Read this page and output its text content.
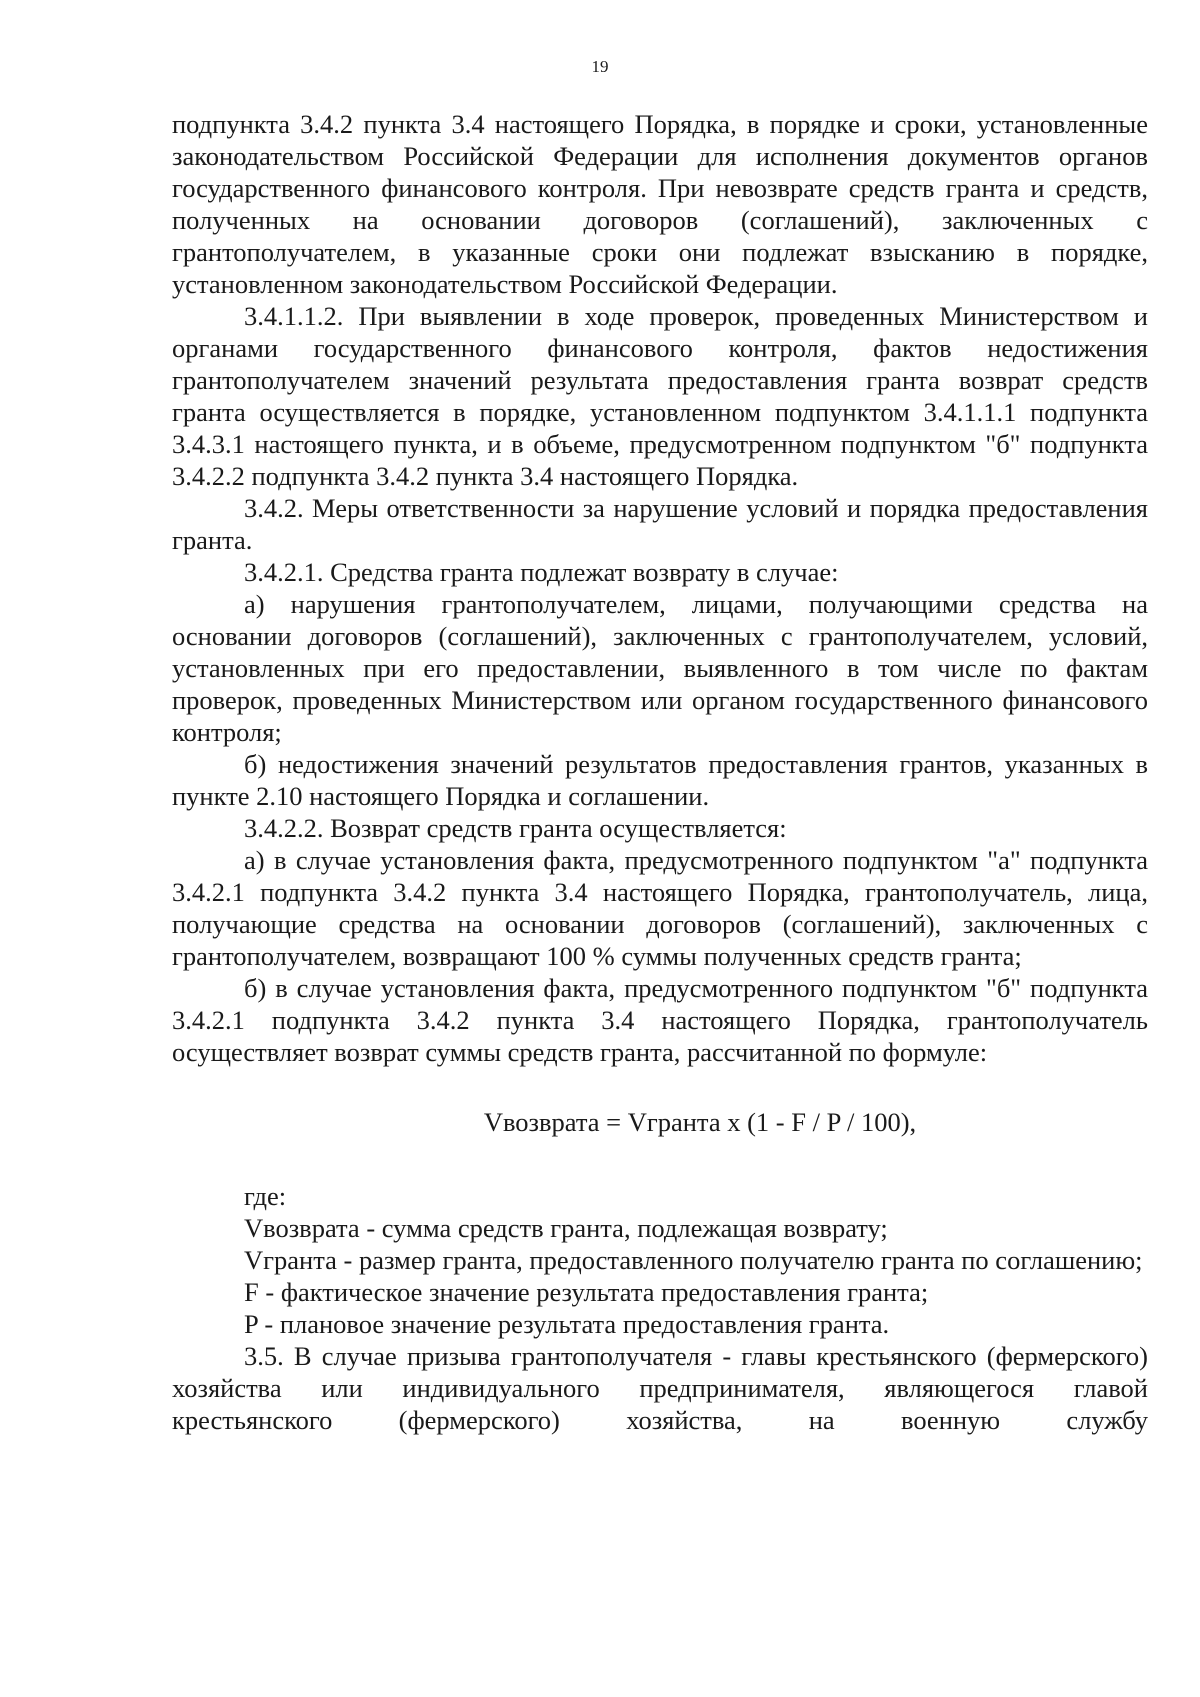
19

подпункта 3.4.2 пункта 3.4 настоящего Порядка, в порядке и сроки, установленные законодательством Российской Федерации для исполнения документов органов государственного финансового контроля. При невозврате средств гранта и средств, полученных на основании договоров (соглашений), заключенных с грантополучателем, в указанные сроки они подлежат взысканию в порядке, установленном законодательством Российской Федерации.

3.4.1.1.2. При выявлении в ходе проверок, проведенных Министерством и органами государственного финансового контроля, фактов недостижения грантополучателем значений результата предоставления гранта возврат средств гранта осуществляется в порядке, установленном подпунктом 3.4.1.1.1 подпункта 3.4.3.1 настоящего пункта, и в объеме, предусмотренном подпунктом "б" подпункта 3.4.2.2 подпункта 3.4.2 пункта 3.4 настоящего Порядка.

3.4.2. Меры ответственности за нарушение условий и порядка предоставления гранта.

3.4.2.1. Средства гранта подлежат возврату в случае:

а) нарушения грантополучателем, лицами, получающими средства на основании договоров (соглашений), заключенных с грантополучателем, условий, установленных при его предоставлении, выявленного в том числе по фактам проверок, проведенных Министерством или органом государственного финансового контроля;

б) недостижения значений результатов предоставления грантов, указанных в пункте 2.10 настоящего Порядка и соглашении.

3.4.2.2. Возврат средств гранта осуществляется:

а) в случае установления факта, предусмотренного подпунктом "а" подпункта 3.4.2.1 подпункта 3.4.2 пункта 3.4 настоящего Порядка, грантополучатель, лица, получающие средства на основании договоров (соглашений), заключенных с грантополучателем, возвращают 100 % суммы полученных средств гранта;

б) в случае установления факта, предусмотренного подпунктом "б" подпункта 3.4.2.1 подпункта 3.4.2 пункта 3.4 настоящего Порядка, грантополучатель осуществляет возврат суммы средств гранта, рассчитанной по формуле:

Vвозврата = Vгранта x (1 - F / P / 100),

где:

Vвозврата - сумма средств гранта, подлежащая возврату;

Vгранта - размер гранта, предоставленного получателю гранта по соглашению;

F - фактическое значение результата предоставления гранта;

P - плановое значение результата предоставления гранта.

3.5. В случае призыва грантополучателя - главы крестьянского (фермерского) хозяйства или индивидуального предпринимателя, являющегося главой крестьянского (фермерского) хозяйства, на военную службу
